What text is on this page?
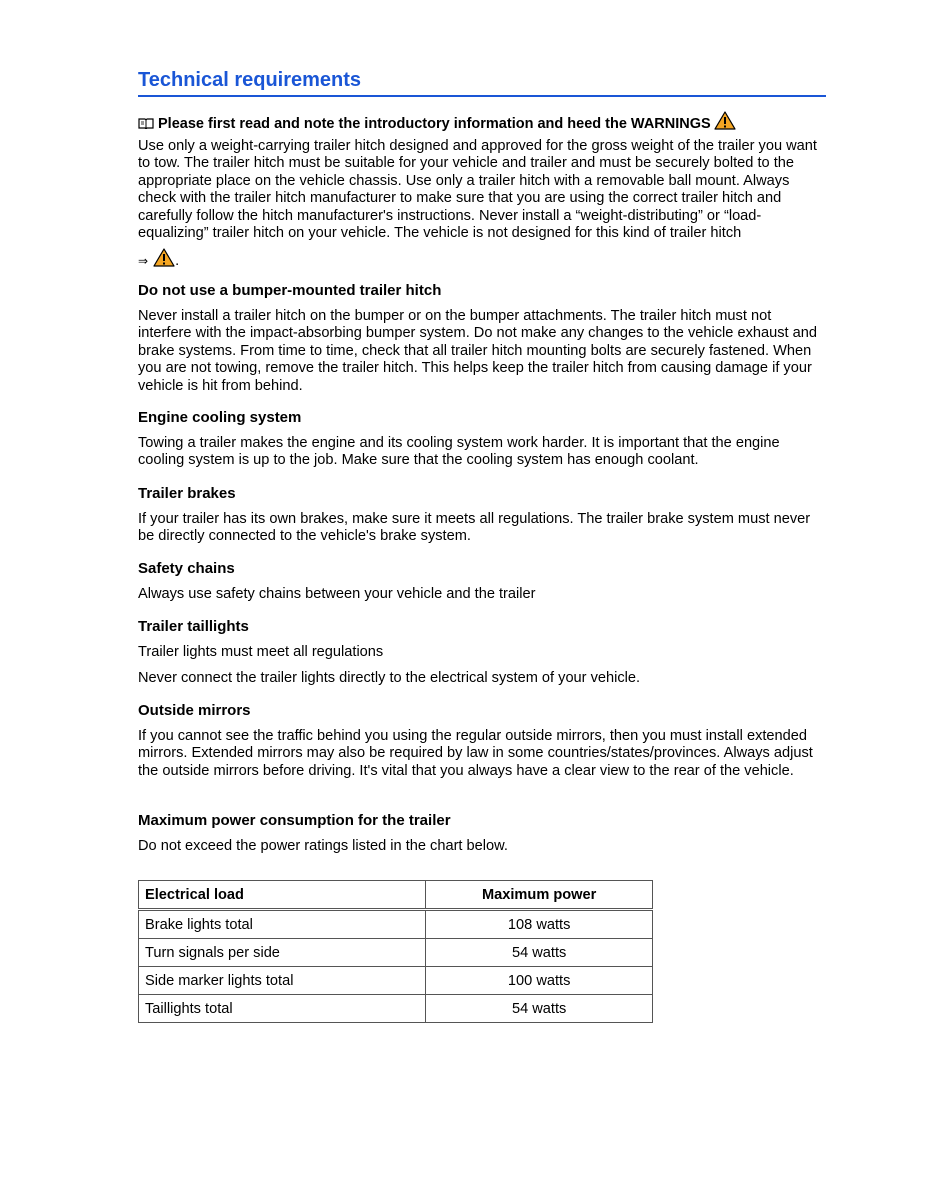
Technical requirements
Please first read and note the introductory information and heed the WARNINGS
Use only a weight-carrying trailer hitch designed and approved for the gross weight of the trailer you want to tow. The trailer hitch must be suitable for your vehicle and trailer and must be securely bolted to the appropriate place on the vehicle chassis. Use only a trailer hitch with a removable ball mount. Always check with the trailer hitch manufacturer to make sure that you are using the correct trailer hitch and carefully follow the hitch manufacturer's instructions. Never install a “weight-distributing” or “load-equalizing” trailer hitch on your vehicle. The vehicle is not designed for this kind of trailer hitch
⇒ .
Do not use a bumper-mounted trailer hitch
Never install a trailer hitch on the bumper or on the bumper attachments. The trailer hitch must not interfere with the impact-absorbing bumper system. Do not make any changes to the vehicle exhaust and brake systems. From time to time, check that all trailer hitch mounting bolts are securely fastened. When you are not towing, remove the trailer hitch. This helps keep the trailer hitch from causing damage if your vehicle is hit from behind.
Engine cooling system
Towing a trailer makes the engine and its cooling system work harder. It is important that the engine cooling system is up to the job. Make sure that the cooling system has enough coolant.
Trailer brakes
If your trailer has its own brakes, make sure it meets all regulations. The trailer brake system must never be directly connected to the vehicle's brake system.
Safety chains
Always use safety chains between your vehicle and the trailer
Trailer taillights
Trailer lights must meet all regulations
Never connect the trailer lights directly to the electrical system of your vehicle.
Outside mirrors
If you cannot see the traffic behind you using the regular outside mirrors, then you must install extended mirrors. Extended mirrors may also be required by law in some countries/states/provinces. Always adjust the outside mirrors before driving. It's vital that you always have a clear view to the rear of the vehicle.
Maximum power consumption for the trailer
Do not exceed the power ratings listed in the chart below.
Electrical load	Maximum power
Brake lights total	108 watts
Turn signals per side	54 watts
Side marker lights total	100 watts
Taillights total	54 watts
